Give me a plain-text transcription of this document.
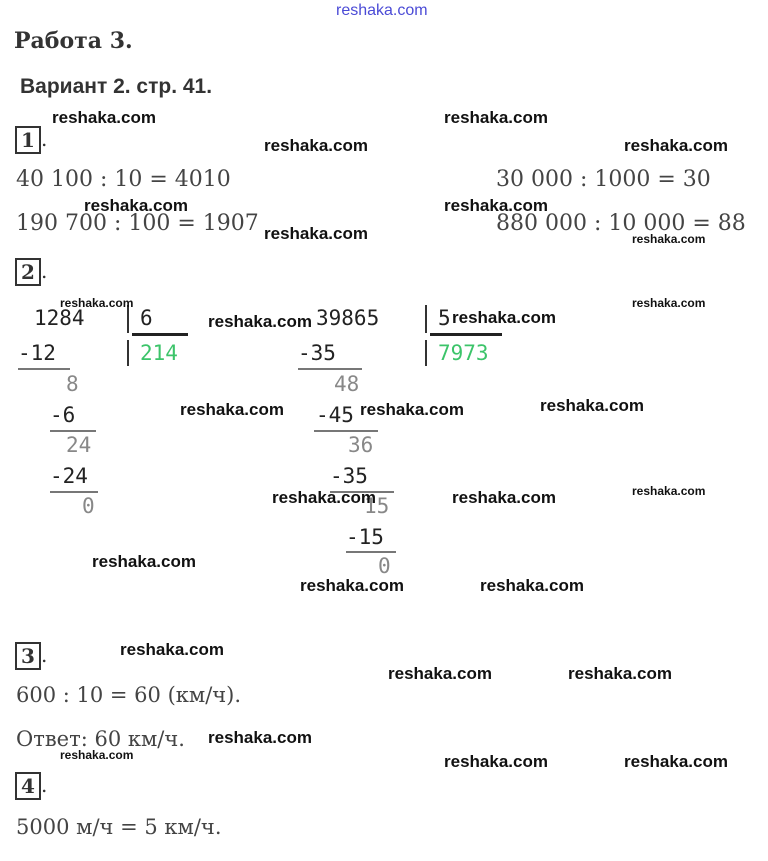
reshaka.com
Работа 3.
Вариант 2. стр. 41.
1 .
40 100 : 10 = 4010	30 000 : 1000 = 30
190 700 : 100 = 1907	880 000 : 10 000 = 88
2 .
1284	6
214
-12
8
-6
24
-24
0
39865	5
7973
-35
48
-45
36
-35
15
-15
0
3 .
600 : 10 = 60 (км/ч).
Ответ: 60 км/ч.
4 .
5000 м/ч = 5 км/ч.
reshaka.com	reshaka.com
reshaka.com	reshaka.com
reshaka.com	reshaka.com
reshaka.com
reshaka.com	reshaka.com
reshaka.com	reshaka.com	reshaka.com
reshaka.com	reshaka.com
reshaka.com
reshaka.com	reshaka.com
reshaka.com
reshaka.com	reshaka.com
reshaka.com
reshaka.com	reshaka.com
reshaka.com
reshaka.com	reshaka.com
reshaka.com
reshaka.com
